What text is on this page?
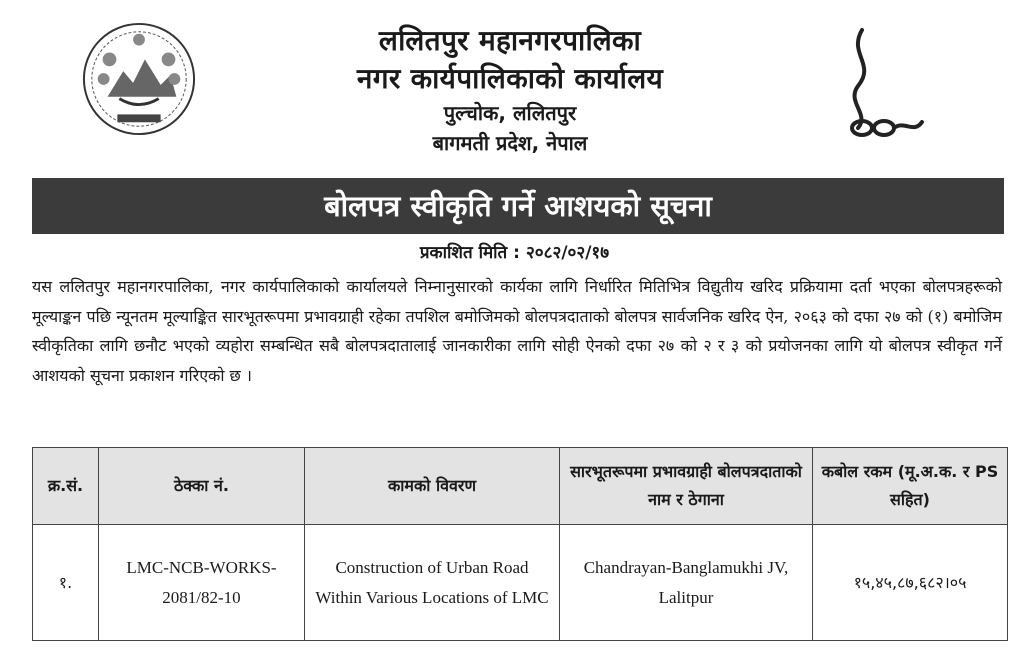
ललितपुर महानगरपालिका
नगर कार्यपालिकाको कार्यालय
पुल्चोक, ललितपुर
बागमती प्रदेश, नेपाल
बोलपत्र स्वीकृति गर्ने आशयको सूचना
प्रकाशित मिति : २०८२/०२/१७
यस ललितपुर महानगरपालिका, नगर कार्यपालिकाको कार्यालयले निम्नानुसारको कार्यका लागि निर्धारित मितिभित्र विद्युतीय खरिद प्रक्रियामा दर्ता भएका बोलपत्रहरूको मूल्याङ्कन पछि न्यूनतम मूल्याङ्कित सारभूतरूपमा प्रभावग्राही रहेका तपशिल बमोजिमको बोलपत्रदाताको बोलपत्र सार्वजनिक खरिद ऐन, २०६३ को दफा २७ को (१) बमोजिम स्वीकृतिका लागि छनौट भएको व्यहोरा सम्बन्धित सबै बोलपत्रदातालाई जानकारीका लागि सोही ऐनको दफा २७ को २ र ३ को प्रयोजनका लागि यो बोलपत्र स्वीकृत गर्ने आशयको सूचना प्रकाशन गरिएको छ ।
क्र.सं.	ठेक्का नं.	कामको विवरण	सारभूतरूपमा प्रभावग्राही बोलपत्रदाताको नाम र ठेगाना	कबोल रकम (मू.अ.क. र PS सहित)
१.	LMC-NCB-WORKS-2081/82-10	Construction of Urban Road Within Various Locations of LMC	Chandrayan-Banglamukhi JV, Lalitpur	१५,४५,८७,६८२।०५
